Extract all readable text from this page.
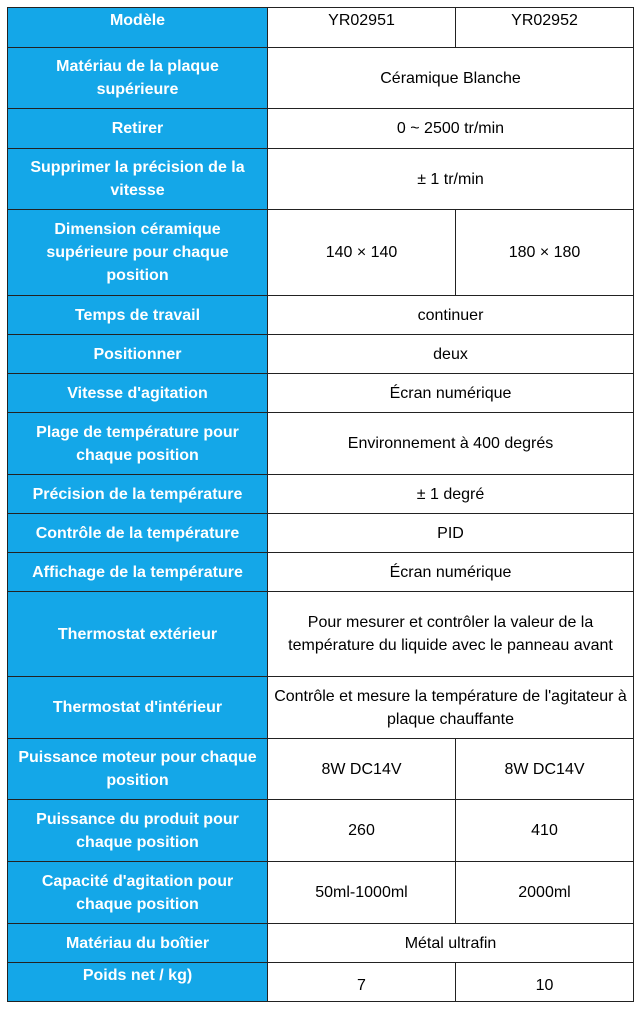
Modèle	YR02951	YR02952
Matériau de la plaque supérieure	Céramique Blanche	
Retirer	0 ~ 2500 tr/min	
Supprimer la précision de la vitesse	± 1 tr/min	
Dimension céramique supérieure pour chaque position	140 × 140	180 × 180
Temps de travail	continuer	
Positionner	deux	
Vitesse d'agitation	Écran numérique	
Plage de température pour chaque position	Environnement à 400 degrés	
Précision de la température	± 1 degré	
Contrôle de la température	PID	
Affichage de la température	Écran numérique	
Thermostat extérieur	Pour mesurer et contrôler la valeur de la température du liquide avec le panneau avant	
Thermostat d'intérieur	Contrôle et mesure la température de l'agitateur à plaque chauffante	
Puissance moteur pour chaque position	8W DC14V	8W DC14V
Puissance du produit pour chaque position	260	410
Capacité d'agitation pour chaque position	50ml-1000ml	2000ml
Matériau du boîtier	Métal ultrafin	
Poids net / kg)	7	10
